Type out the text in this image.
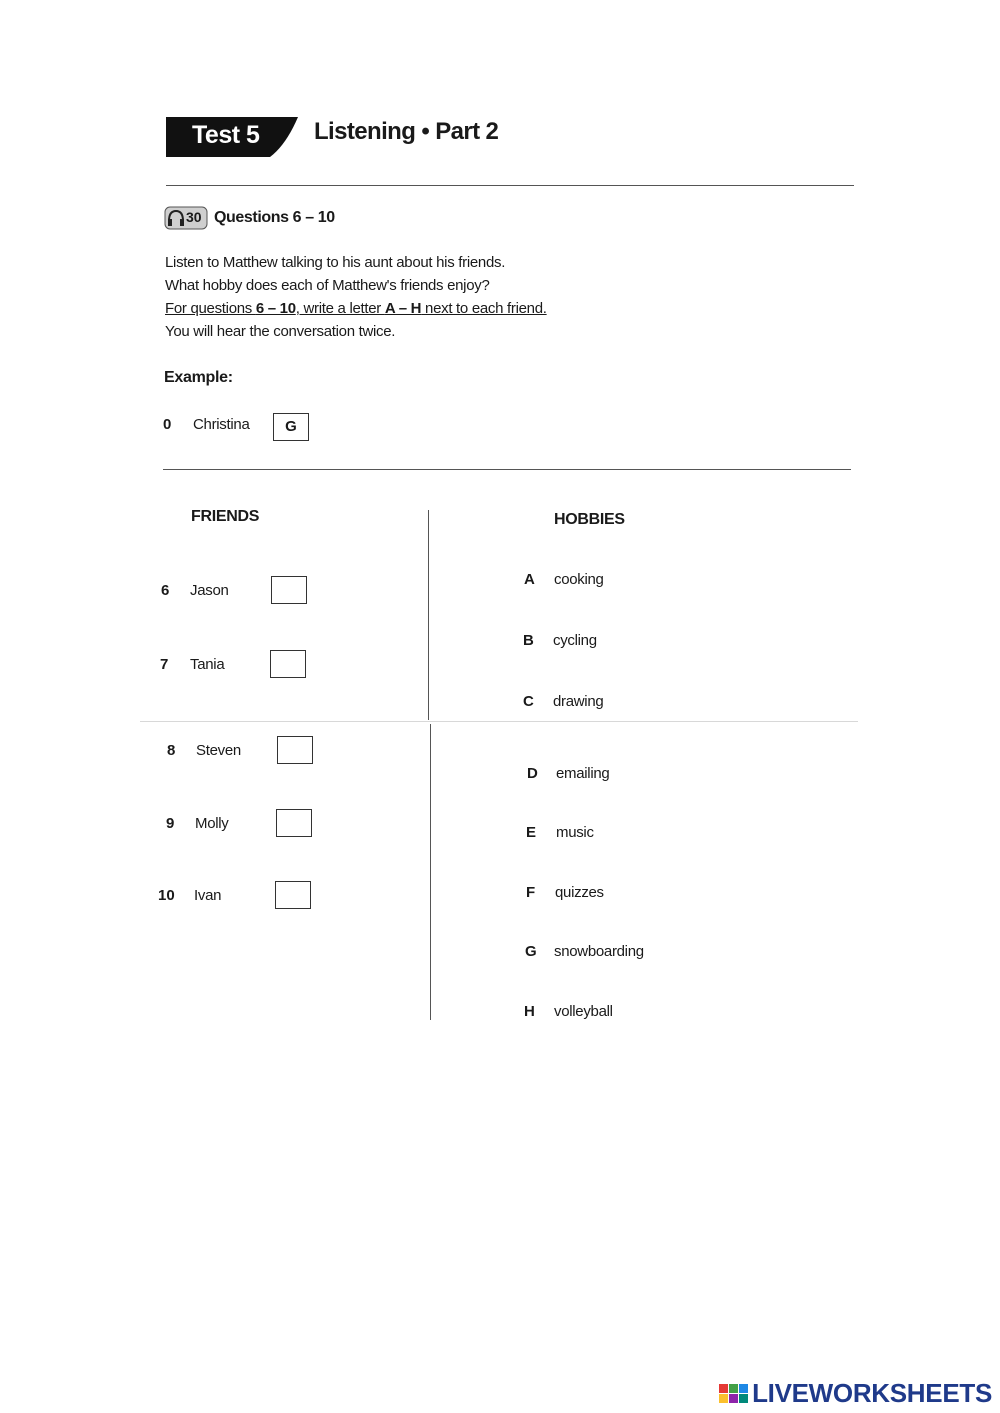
Test 5 Listening • Part 2
30 Questions 6 – 10
Listen to Matthew talking to his aunt about his friends.
What hobby does each of Matthew's friends enjoy?
For questions 6 – 10, write a letter A – H next to each friend.
You will hear the conversation twice.
Example:
0 Christina	G
FRIENDS	HOBBIES
6 Jason
7 Tania
8 Steven
9 Molly
10 Ivan
A cooking
B cycling
C drawing
D emailing
E music
F quizzes
G snowboarding
H volleyball
LIVEWORKSHEETS
